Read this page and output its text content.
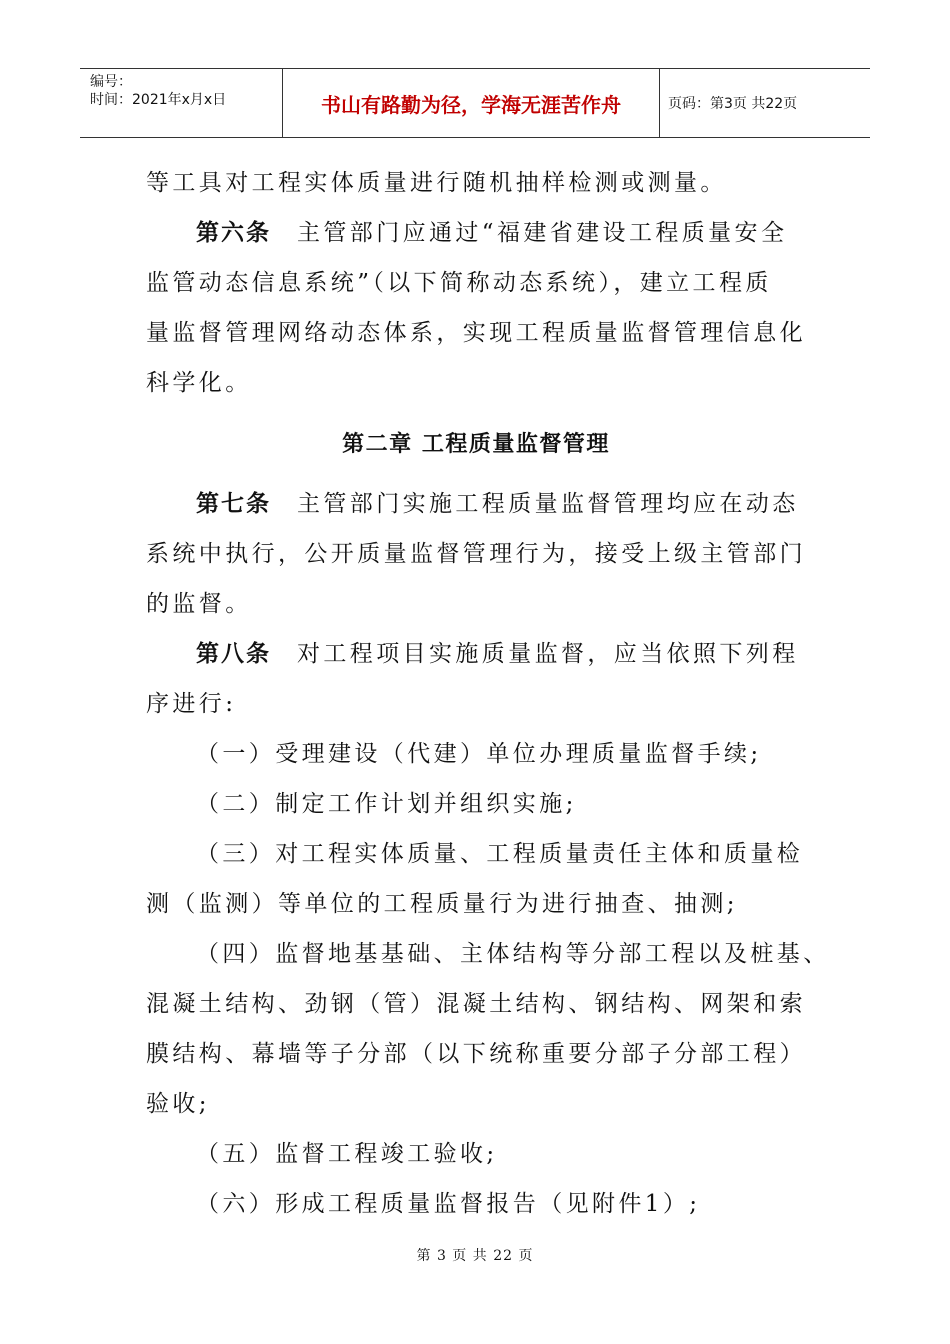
编号：
时间：2021年x月x日	书山有路勤为径，学海无涯苦作舟	页码：第3页 共22页

等工具对工程实体质量进行随机抽样检测或测量。

第六条 主管部门应通过“福建省建设工程质量安全

监管动态信息系统”（以下简称动态系统），建立工程质

量监督管理网络动态体系，实现工程质量监督管理信息化

科学化。

第二章 工程质量监督管理

第七条 主管部门实施工程质量监督管理均应在动态

系统中执行，公开质量监督管理行为，接受上级主管部门

的监督。

第八条 对工程项目实施质量监督，应当依照下列程

序进行:

（一）受理建设（代建）单位办理质量监督手续;

（二）制定工作计划并组织实施;

（三）对工程实体质量、工程质量责任主体和质量检

测（监测）等单位的工程质量行为进行抽查、抽测;

（四）监督地基基础、主体结构等分部工程以及桩基、

混凝土结构、劲钢（管）混凝土结构、钢结构、网架和索

膜结构、幕墙等子分部（以下统称重要分部子分部工程）

验收;

（五）监督工程竣工验收;

（六）形成工程质量监督报告（见附件1）;

第 3 页 共 22 页
